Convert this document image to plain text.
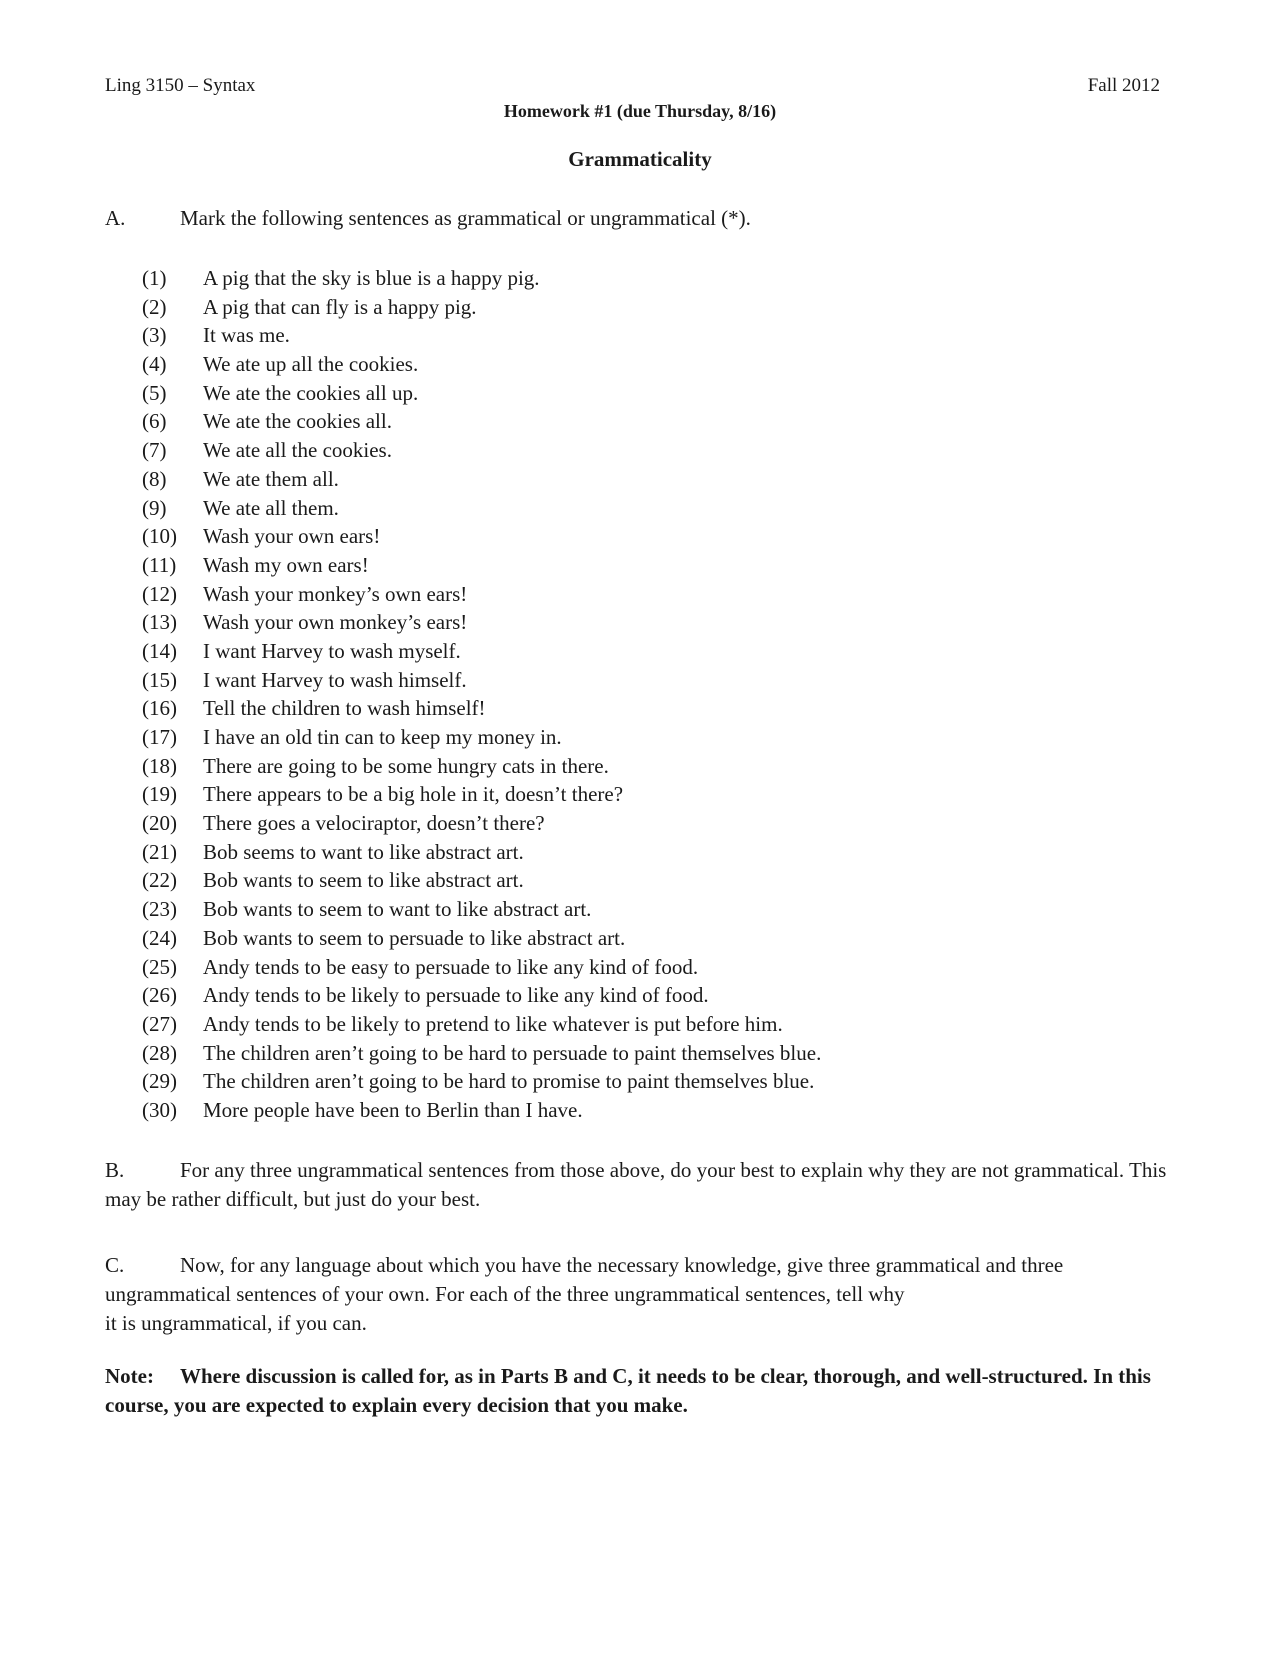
Ling 3150 – Syntax	Fall 2012
Homework #1 (due Thursday, 8/16)
Grammaticality
A.	Mark the following sentences as grammatical or ungrammatical (*).
(1) A pig that the sky is blue is a happy pig.
(2) A pig that can fly is a happy pig.
(3) It was me.
(4) We ate up all the cookies.
(5) We ate the cookies all up.
(6) We ate the cookies all.
(7) We ate all the cookies.
(8) We ate them all.
(9) We ate all them.
(10) Wash your own ears!
(11) Wash my own ears!
(12) Wash your monkey’s own ears!
(13) Wash your own monkey’s ears!
(14) I want Harvey to wash myself.
(15) I want Harvey to wash himself.
(16) Tell the children to wash himself!
(17) I have an old tin can to keep my money in.
(18) There are going to be some hungry cats in there.
(19) There appears to be a big hole in it, doesn’t there?
(20) There goes a velociraptor, doesn’t there?
(21) Bob seems to want to like abstract art.
(22) Bob wants to seem to like abstract art.
(23) Bob wants to seem to want to like abstract art.
(24) Bob wants to seem to persuade to like abstract art.
(25) Andy tends to be easy to persuade to like any kind of food.
(26) Andy tends to be likely to persuade to like any kind of food.
(27) Andy tends to be likely to pretend to like whatever is put before him.
(28) The children aren’t going to be hard to persuade to paint themselves blue.
(29) The children aren’t going to be hard to promise to paint themselves blue.
(30) More people have been to Berlin than I have.
B.	For any three ungrammatical sentences from those above, do your best to explain why they are not grammatical. This may be rather difficult, but just do your best.
C.	Now, for any language about which you have the necessary knowledge, give three grammatical and three ungrammatical sentences of your own. For each of the three ungrammatical sentences, tell why
it is ungrammatical, if you can.
Note: Where discussion is called for, as in Parts B and C, it needs to be clear, thorough, and well-structured. In this course, you are expected to explain every decision that you make.
